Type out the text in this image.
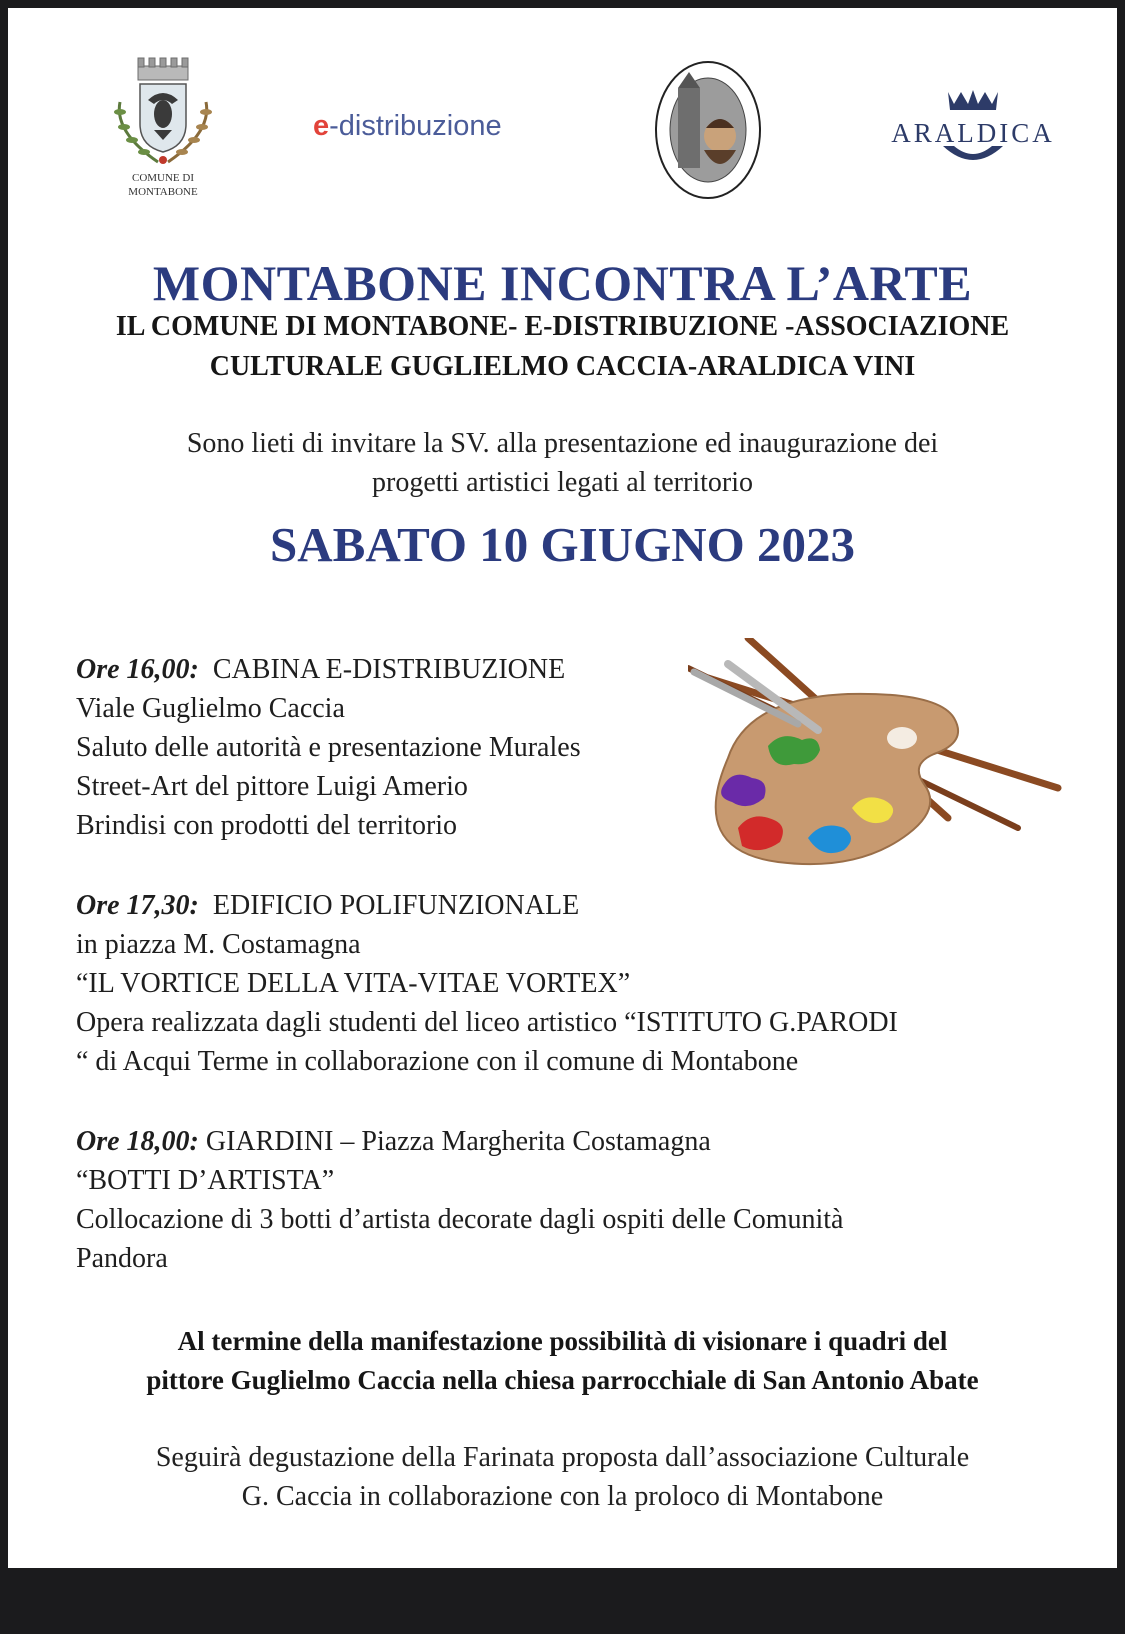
COMUNE DI
MONTABONE
e-distribuzione	ARALDICA
MONTABONE INCONTRA L’ARTE
IL COMUNE DI MONTABONE- E-DISTRIBUZIONE -ASSOCIAZIONE
CULTURALE GUGLIELMO CACCIA-ARALDICA VINI
Sono lieti di invitare la SV. alla presentazione ed inaugurazione dei
progetti artistici legati al territorio
SABATO 10 GIUGNO 2023
Ore 16,00: CABINA E-DISTRIBUZIONE
Viale Guglielmo Caccia
Saluto delle autorità e presentazione Murales
Street-Art del pittore Luigi Amerio
Brindisi con prodotti del territorio
Ore 17,30: EDIFICIO POLIFUNZIONALE
in piazza M. Costamagna
“IL VORTICE DELLA VITA-VITAE VORTEX”
Opera realizzata dagli studenti del liceo artistico “ISTITUTO G.PARODI
“ di Acqui Terme in collaborazione con il comune di Montabone
Ore 18,00: GIARDINI – Piazza Margherita Costamagna
“BOTTI D’ARTISTA”
Collocazione di 3 botti d’artista decorate dagli ospiti delle Comunità
Pandora
Al termine della manifestazione possibilità di visionare i quadri del
pittore Guglielmo Caccia nella chiesa parrocchiale di San Antonio Abate
Seguirà degustazione della Farinata proposta dall’associazione Culturale
G. Caccia in collaborazione con la proloco di Montabone
